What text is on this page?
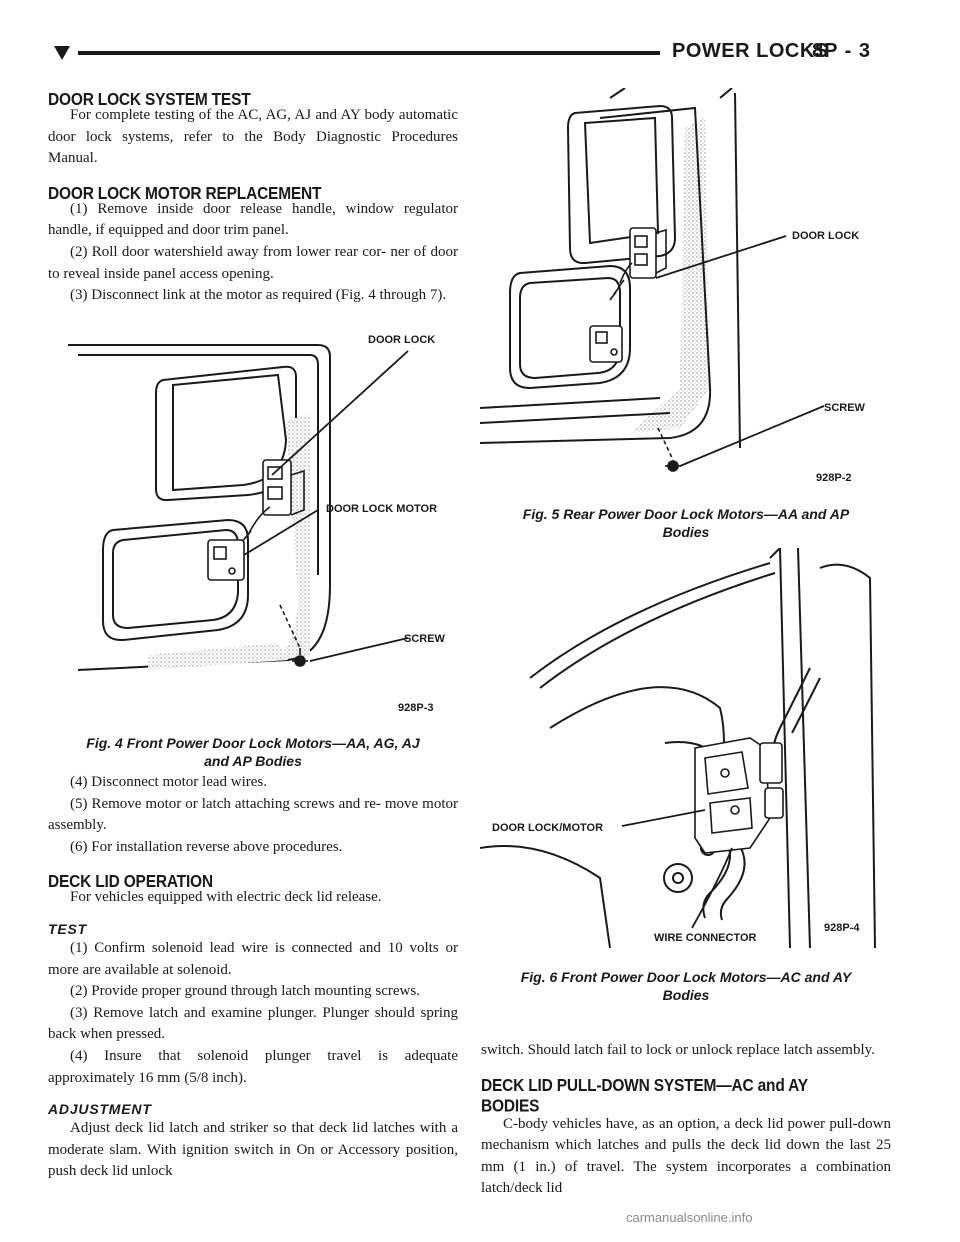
POWER LOCKS
8P - 3
DOOR LOCK SYSTEM TEST

For complete testing of the AC, AG, AJ and AY body automatic door lock systems, refer to the Body Diagnostic Procedures Manual.

DOOR LOCK MOTOR REPLACEMENT

(1) Remove inside door release handle, window regulator handle, if equipped and door trim panel.

(2) Roll door watershield away from lower rear cor- ner of door to reveal inside panel access opening.

(3) Disconnect link at the motor as required (Fig. 4 through 7).

DOOR LOCK
DOOR LOCK MOTOR
SCREW
928P-3
Fig. 4 Front Power Door Lock Motors—AA, AG, AJ
and AP Bodies

(4) Disconnect motor lead wires.

(5) Remove motor or latch attaching screws and re- move motor assembly.

(6) For installation reverse above procedures.

DECK LID OPERATION

For vehicles equipped with electric deck lid release.

TEST

(1) Confirm solenoid lead wire is connected and 10 volts or more are available at solenoid.

(2) Provide proper ground through latch mounting screws.

(3) Remove latch and examine plunger. Plunger should spring back when pressed.

(4) Insure that solenoid plunger travel is adequate approximately 16 mm (5/8 inch).

ADJUSTMENT

Adjust deck lid latch and striker so that deck lid latches with a moderate slam. With ignition switch in On or Accessory position, push deck lid unlock

DOOR LOCK
SCREW
928P-2
Fig. 5 Rear Power Door Lock Motors—AA and AP
Bodies
DOOR LOCK/MOTOR
WIRE CONNECTOR
928P-4
Fig. 6 Front Power Door Lock Motors—AC and AY
Bodies

switch. Should latch fail to lock or unlock replace latch assembly.

DECK LID PULL-DOWN SYSTEM—AC and AY
BODIES

C-body vehicles have, as an option, a deck lid power pull-down mechanism which latches and pulls the deck lid down the last 25 mm (1 in.) of travel. The system incorporates a combination latch/deck lid

carmanualsonline.info
